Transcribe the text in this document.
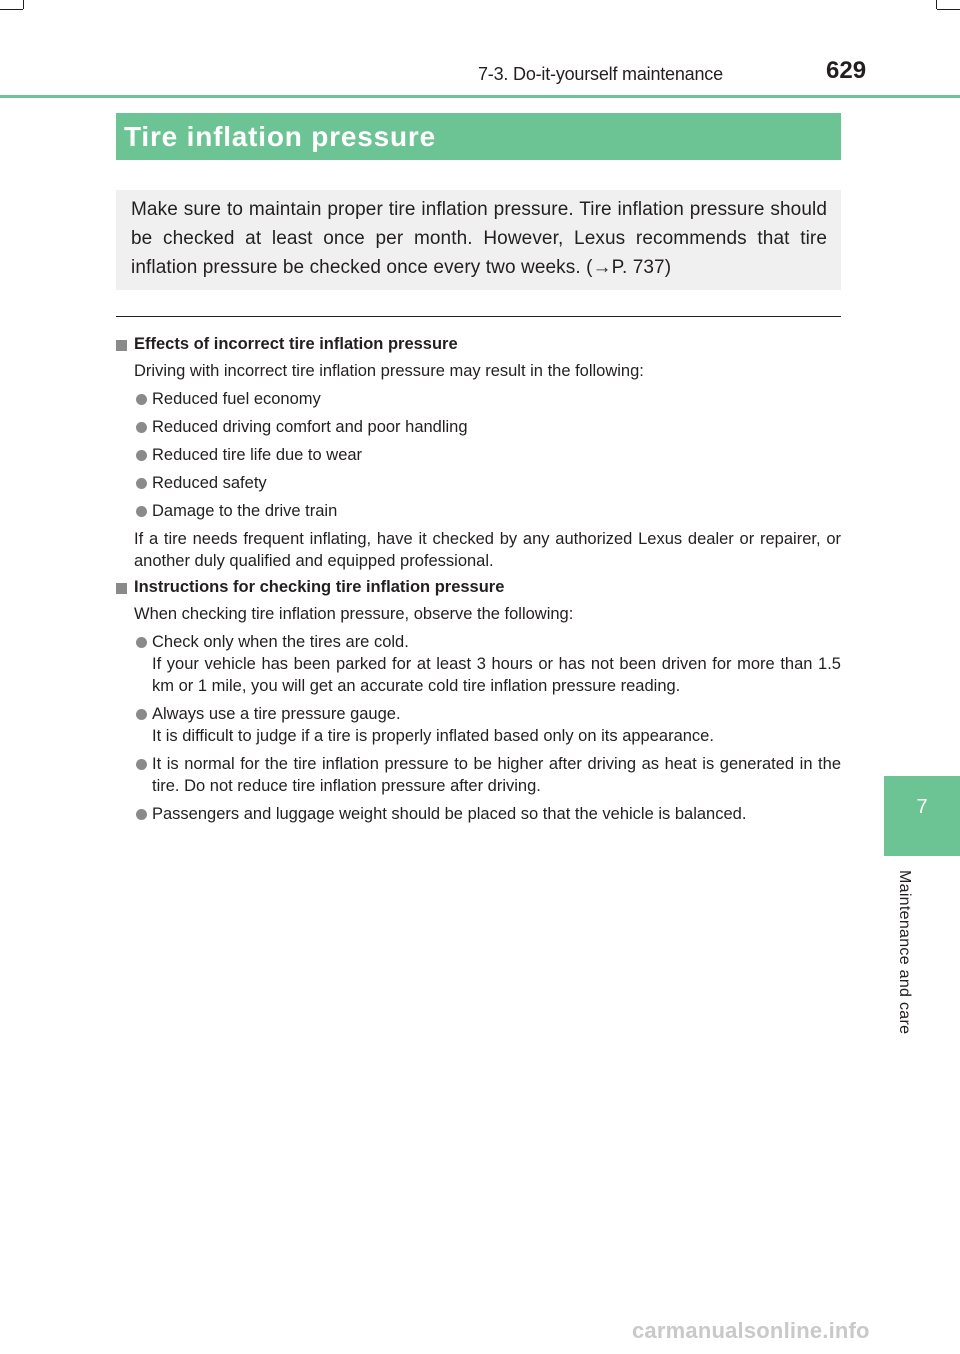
7-3. Do-it-yourself maintenance	629
Tire inflation pressure

Make sure to maintain proper tire inflation pressure. Tire inflation pressure should be checked at least once per month. However, Lexus recommends that tire inflation pressure be checked once every two weeks. (→P. 737)

Effects of incorrect tire inflation pressure
Driving with incorrect tire inflation pressure may result in the following:
Reduced fuel economy
Reduced driving comfort and poor handling
Reduced tire life due to wear
Reduced safety
Damage to the drive train
If a tire needs frequent inflating, have it checked by any authorized Lexus dealer or repairer, or another duly qualified and equipped professional.
Instructions for checking tire inflation pressure
When checking tire inflation pressure, observe the following:
Check only when the tires are cold.
If your vehicle has been parked for at least 3 hours or has not been driven for more than 1.5 km or 1 mile, you will get an accurate cold tire inflation pressure reading.
Always use a tire pressure gauge.
It is difficult to judge if a tire is properly inflated based only on its appearance.
It is normal for the tire inflation pressure to be higher after driving as heat is generated in the tire. Do not reduce tire inflation pressure after driving.
Passengers and luggage weight should be placed so that the vehicle is balanced.	7
Maintenance and care
carmanualsonline.info
